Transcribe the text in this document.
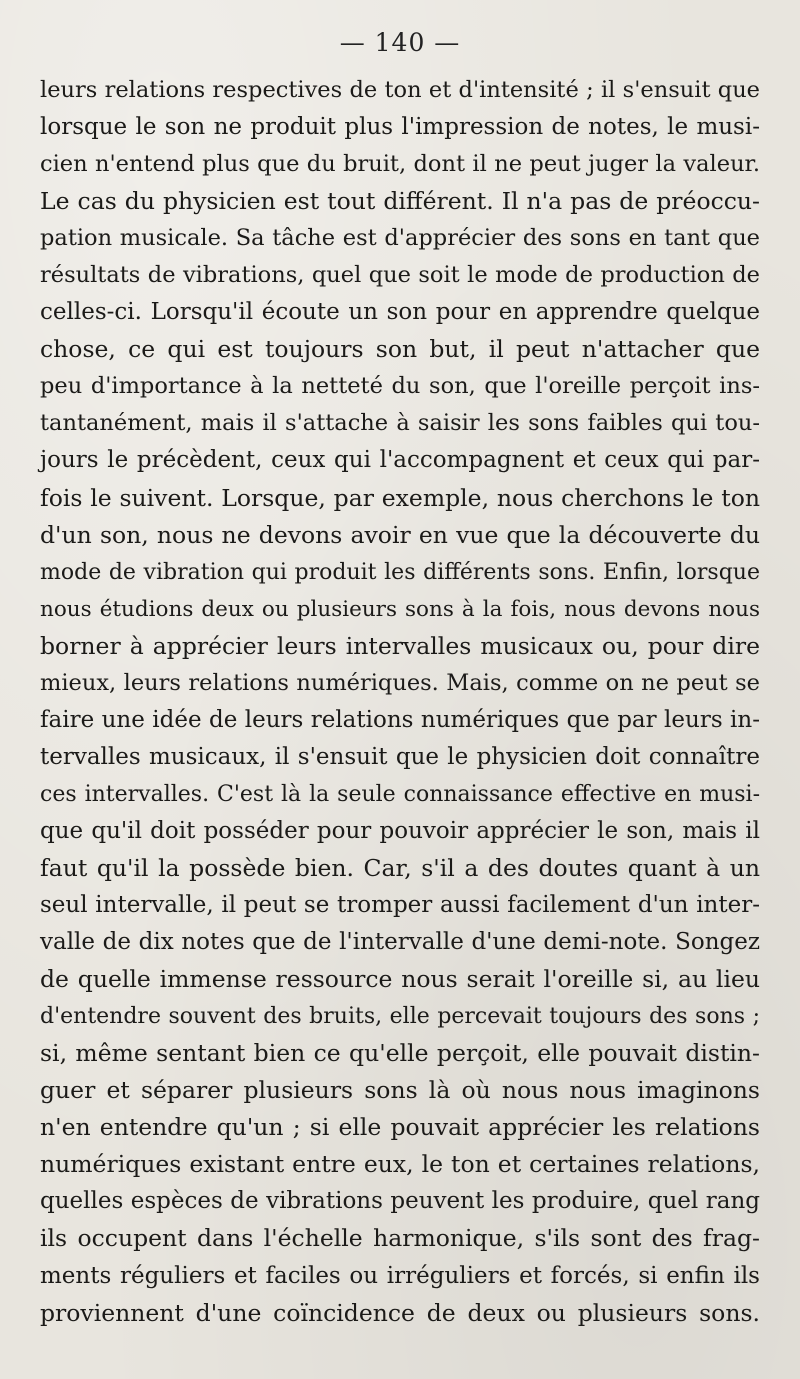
— 140 —
leurs relations respectives de ton et d'intensité ; il s'ensuit que
lorsque le son ne produit plus l'impression de notes, le musi-
cien n'entend plus que du bruit, dont il ne peut juger la valeur.
Le cas du physicien est tout différent. Il n'a pas de préoccu-
pation musicale. Sa tâche est d'apprécier des sons en tant que
résultats de vibrations, quel que soit le mode de production de
celles-ci. Lorsqu'il écoute un son pour en apprendre quelque
chose, ce qui est toujours son but, il peut n'attacher que
peu d'importance à la netteté du son, que l'oreille perçoit ins-
tantanément, mais il s'attache à saisir les sons faibles qui tou-
jours le précèdent, ceux qui l'accompagnent et ceux qui par-
fois le suivent. Lorsque, par exemple, nous cherchons le ton
d'un son, nous ne devons avoir en vue que la découverte du
mode de vibration qui produit les différents sons. Enfin, lorsque
nous étudions deux ou plusieurs sons à la fois, nous devons nous
borner à apprécier leurs intervalles musicaux ou, pour dire
mieux, leurs relations numériques. Mais, comme on ne peut se
faire une idée de leurs relations numériques que par leurs in-
tervalles musicaux, il s'ensuit que le physicien doit connaître
ces intervalles. C'est là la seule connaissance effective en musi-
que qu'il doit posséder pour pouvoir apprécier le son, mais il
faut qu'il la possède bien. Car, s'il a des doutes quant à un
seul intervalle, il peut se tromper aussi facilement d'un inter-
valle de dix notes que de l'intervalle d'une demi-note. Songez
de quelle immense ressource nous serait l'oreille si, au lieu
d'entendre souvent des bruits, elle percevait toujours des sons ;
si, même sentant bien ce qu'elle perçoit, elle pouvait distin-
guer et séparer plusieurs sons là où nous nous imaginons
n'en entendre qu'un ; si elle pouvait apprécier les relations
numériques existant entre eux, le ton et certaines relations,
quelles espèces de vibrations peuvent les produire, quel rang
ils occupent dans l'échelle harmonique, s'ils sont des frag-
ments réguliers et faciles ou irréguliers et forcés, si enfin ils
proviennent d'une coïncidence de deux ou plusieurs sons.
